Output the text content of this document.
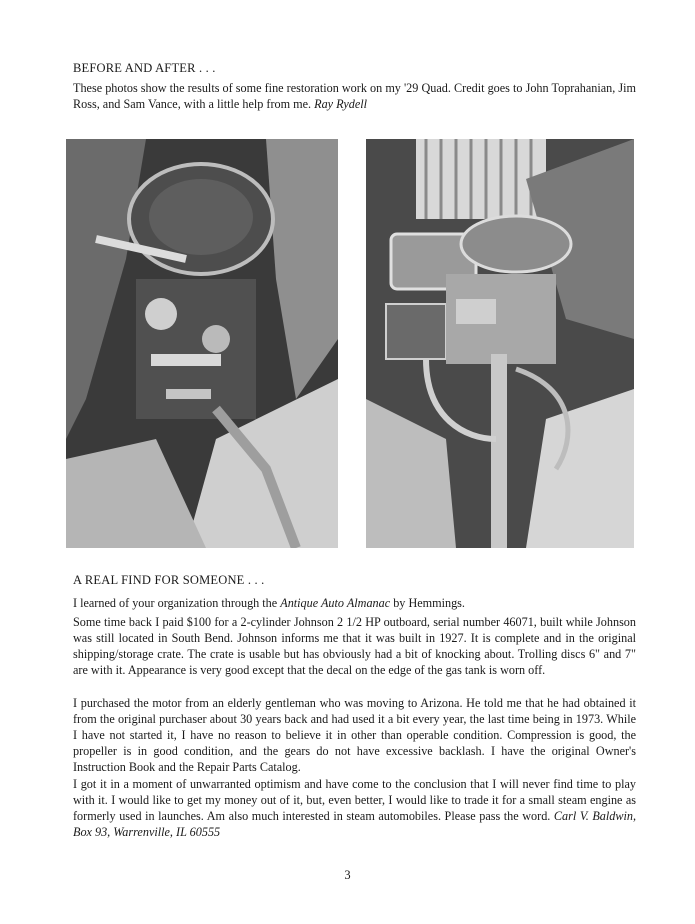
BEFORE AND AFTER . . .

These photos show the results of some fine restoration work on my '29 Quad. Credit goes to John Toprahanian, Jim Ross, and Sam Vance, with a little help from me. Ray Rydell

A REAL FIND FOR SOMEONE . . .

I learned of your organization through the Antique Auto Almanac by Hemmings.

Some time back I paid $100 for a 2-cylinder Johnson 2 1/2 HP outboard, serial number 46071, built while Johnson was still located in South Bend. Johnson informs me that it was built in 1927. It is complete and in the original shipping/storage crate. The crate is usable but has obviously had a bit of knocking about. Trolling discs 6" and 7" are with it. Appearance is very good except that the decal on the edge of the gas tank is worn off.

I purchased the motor from an elderly gentleman who was moving to Arizona. He told me that he had obtained it from the original purchaser about 30 years back and had used it a bit every year, the last time being in 1973. While I have not started it, I have no reason to believe it in other than operable condition. Compression is good, the propeller is in good condition, and the gears do not have excessive backlash. I have the original Owner's Instruction Book and the Repair Parts Catalog.

I got it in a moment of unwarranted optimism and have come to the conclusion that I will never find time to play with it. I would like to get my money out of it, but, even better, I would like to trade it for a small steam engine as formerly used in launches. Am also much interested in steam automobiles. Please pass the word. Carl V. Baldwin, Box 93, Warrenville, IL 60555

3
